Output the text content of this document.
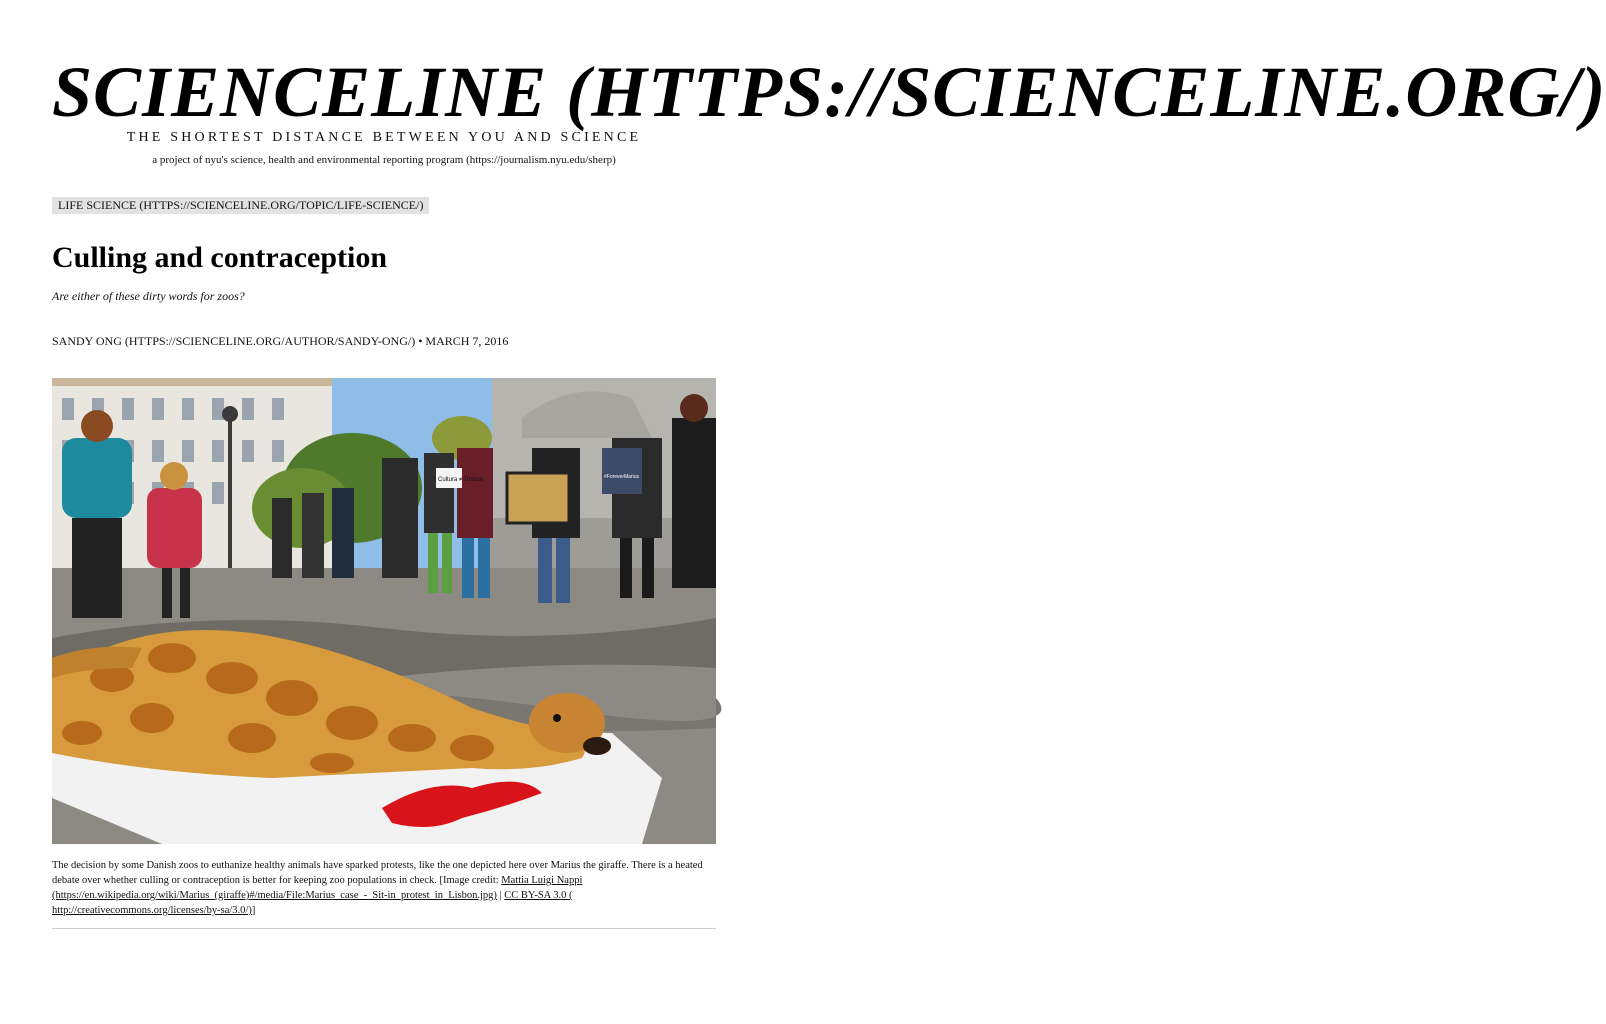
SCIENCELINE (HTTPS://SCIENCELINE.ORG/)
THE SHORTEST DISTANCE BETWEEN YOU AND SCIENCE
a project of nyu's science, health and environmental reporting program (https://journalism.nyu.edu/sherp)
LIFE SCIENCE (HTTPS://SCIENCELINE.ORG/TOPIC/LIFE-SCIENCE/)
Culling and contraception
Are either of these dirty words for zoos?
SANDY ONG (HTTPS://SCIENCELINE.ORG/AUTHOR/SANDY-ONG/) • MARCH 7, 2016
Cultura ≠ Tortura	#ForeverMarius
The decision by some Danish zoos to euthanize healthy animals have sparked protests, like the one depicted here over Marius the giraffe. There is a heated debate over whether culling or contraception is better for keeping zoo populations in check. [Image credit: Mattia Luigi Nappi (https://en.wikipedia.org/wiki/Marius_(giraffe)#/media/File:Marius_case_-_Sit-in_protest_in_Lisbon.jpg) | CC BY-SA 3.0 ( http://creativecommons.org/licenses/by-sa/3.0/)]
